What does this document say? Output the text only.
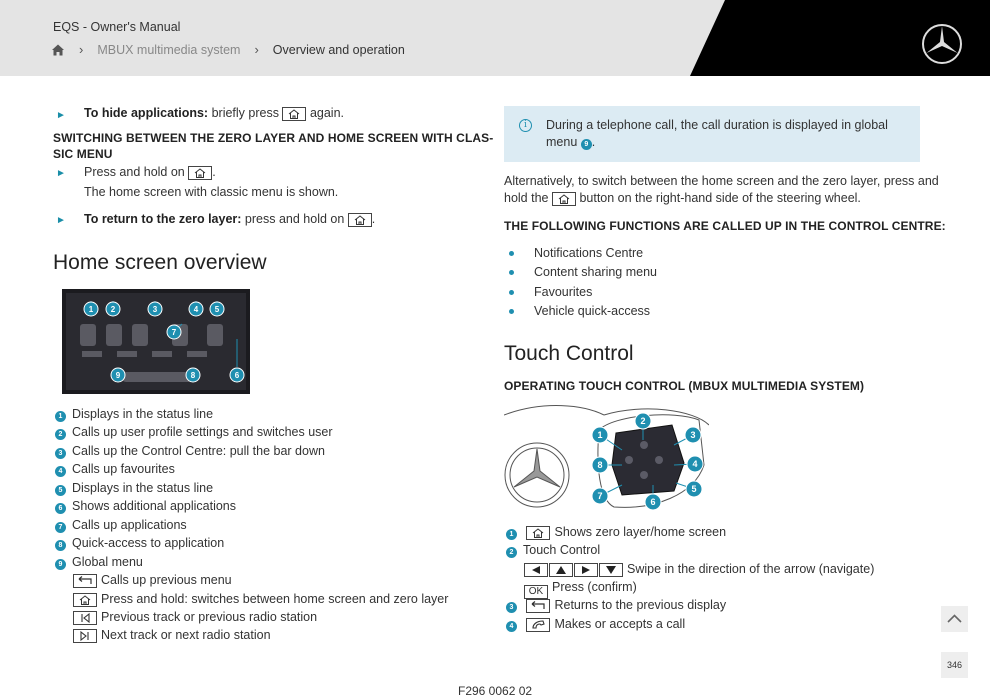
EQS - Owner's Manual
› MBUX multimedia system › Overview and operation
► To hide applications: briefly press again.
SWITCHING BETWEEN THE ZERO LAYER AND HOME SCREEN WITH CLAS-
SIC MENU
► Press and hold on .
The home screen with classic menu is shown.
► To return to the zero layer: press and hold on .
Home screen overview
1 2	3	4 5
7
9	8	6
1 Displays in the status line
2 Calls up user profile settings and switches user
3 Calls up the Control Centre: pull the bar down
4 Calls up favourites
5 Displays in the status line
6 Shows additional applications
7 Calls up applications
8 Quick-access to application
9 Global menu
Calls up previous menu
Press and hold: switches between home screen and zero layer
Previous track or previous radio station
Next track or next radio station
i	During a telephone call, the call duration is displayed in global
menu 9 .
Alternatively, to switch between the home screen and the zero layer, press and
hold the button on the right-hand side of the steering wheel.
THE FOLLOWING FUNCTIONS ARE CALLED UP IN THE CONTROL CENTRE:
Notifications Centre
Content sharing menu
Favourites
Vehicle quick-access
Touch Control
OPERATING TOUCH CONTROL (MBUX MULTIMEDIA SYSTEM)
2
1	3
8	4
7
6
5
1	Shows zero layer/home screen
2 Touch Control
Swipe in the direction of the arrow (navigate)
OK Press (confirm)
3	Returns to the previous display
4	Makes or accepts a call
F296 0062 02
346
